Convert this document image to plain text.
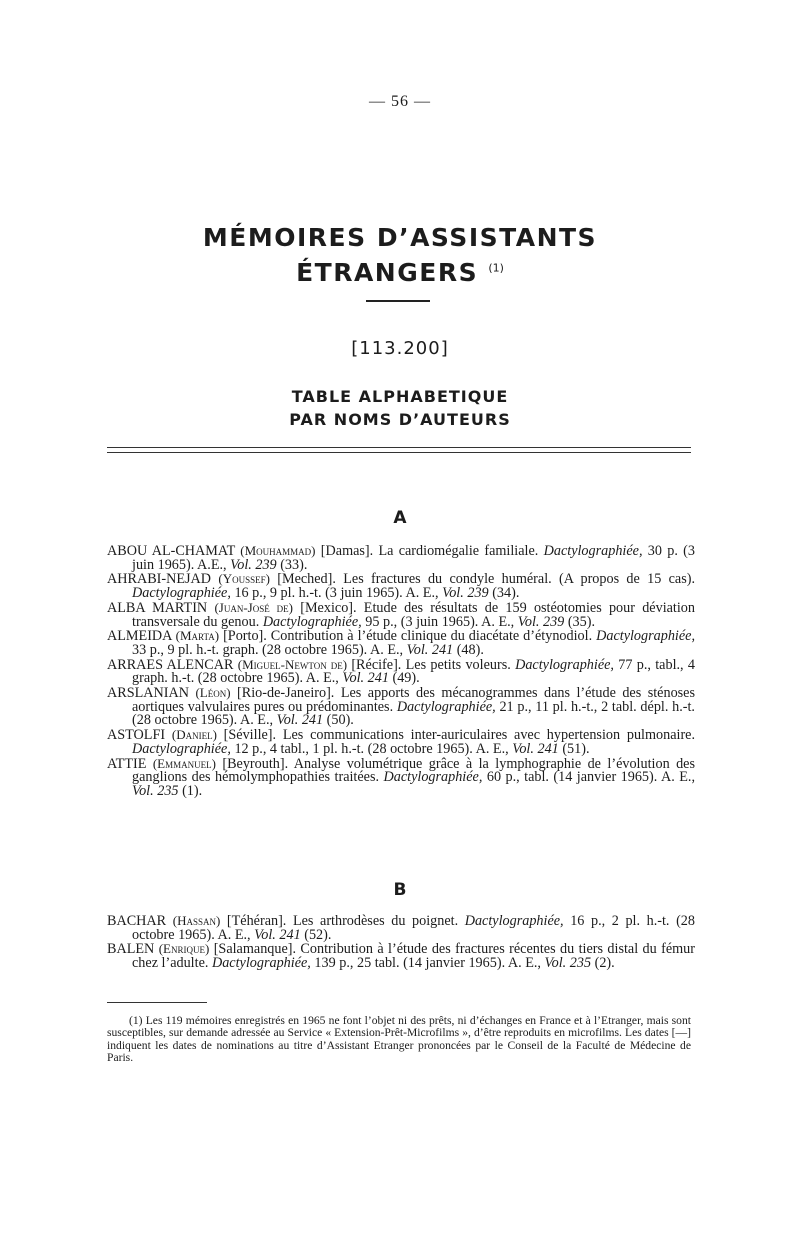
— 56 —
MÉMOIRES D’ASSISTANTS
ÉTRANGERS $^{(1)}$
[113.200]
TABLE ALPHABETIQUE
PAR NOMS D’AUTEURS
A
ABOU AL-CHAMAT (Mouhammad) [Damas]. La cardiomégalie familiale. Dactylographiée, 30 p. (3 juin 1965). A.E., Vol. 239 (33).
AHRABI-NEJAD (Youssef) [Meched]. Les fractures du condyle huméral. (A propos de 15 cas). Dactylographiée, 16 p., 9 pl. h.-t. (3 juin 1965). A. E., Vol. 239 (34).
ALBA MARTIN (Juan-José de) [Mexico]. Etude des résultats de 159 ostéotomies pour déviation transversale du genou. Dactylographiée, 95 p., (3 juin 1965). A. E., Vol. 239 (35).
ALMEIDA (Marta) [Porto]. Contribution à l’étude clinique du diacétate d’étynodiol. Dactylographiée, 33 p., 9 pl. h.-t. graph. (28 octobre 1965). A. E., Vol. 241 (48).
ARRAES ALENCAR (Miguel-Newton de) [Récife]. Les petits voleurs. Dactylographiée, 77 p., tabl., 4 graph. h.-t. (28 octobre 1965). A. E., Vol. 241 (49).
ARSLANIAN (Léon) [Rio-de-Janeiro]. Les apports des mécanogrammes dans l’étude des sténoses aortiques valvulaires pures ou prédominantes. Dactylographiée, 21 p., 11 pl. h.-t., 2 tabl. dépl. h.-t. (28 octobre 1965). A. E., Vol. 241 (50).
ASTOLFI (Daniel) [Séville]. Les communications inter-auriculaires avec hypertension pulmonaire. Dactylographiée, 12 p., 4 tabl., 1 pl. h.-t. (28 octobre 1965). A. E., Vol. 241 (51).
ATTIE (Emmanuel) [Beyrouth]. Analyse volumétrique grâce à la lymphographie de l’évolution des ganglions des hémolymphopathies traitées. Dactylographiée, 60 p., tabl. (14 janvier 1965). A. E., Vol. 235 (1).
B
BACHAR (Hassan) [Téhéran]. Les arthrodèses du poignet. Dactylographiée, 16 p., 2 pl. h.-t. (28 octobre 1965). A. E., Vol. 241 (52).
BALEN (Enrique) [Salamanque]. Contribution à l’étude des fractures récentes du tiers distal du fémur chez l’adulte. Dactylographiée, 139 p., 25 tabl. (14 janvier 1965). A. E., Vol. 235 (2).

(1) Les 119 mémoires enregistrés en 1965 ne font l’objet ni des prêts, ni d’échanges en France et à l’Etranger, mais sont susceptibles, sur demande adressée au Service « Extension-Prêt-Microfilms », d’être reproduits en microfilms. Les dates [—] indiquent les dates de nominations au titre d’Assistant Etranger prononcées par le Conseil de la Faculté de Médecine de Paris.
